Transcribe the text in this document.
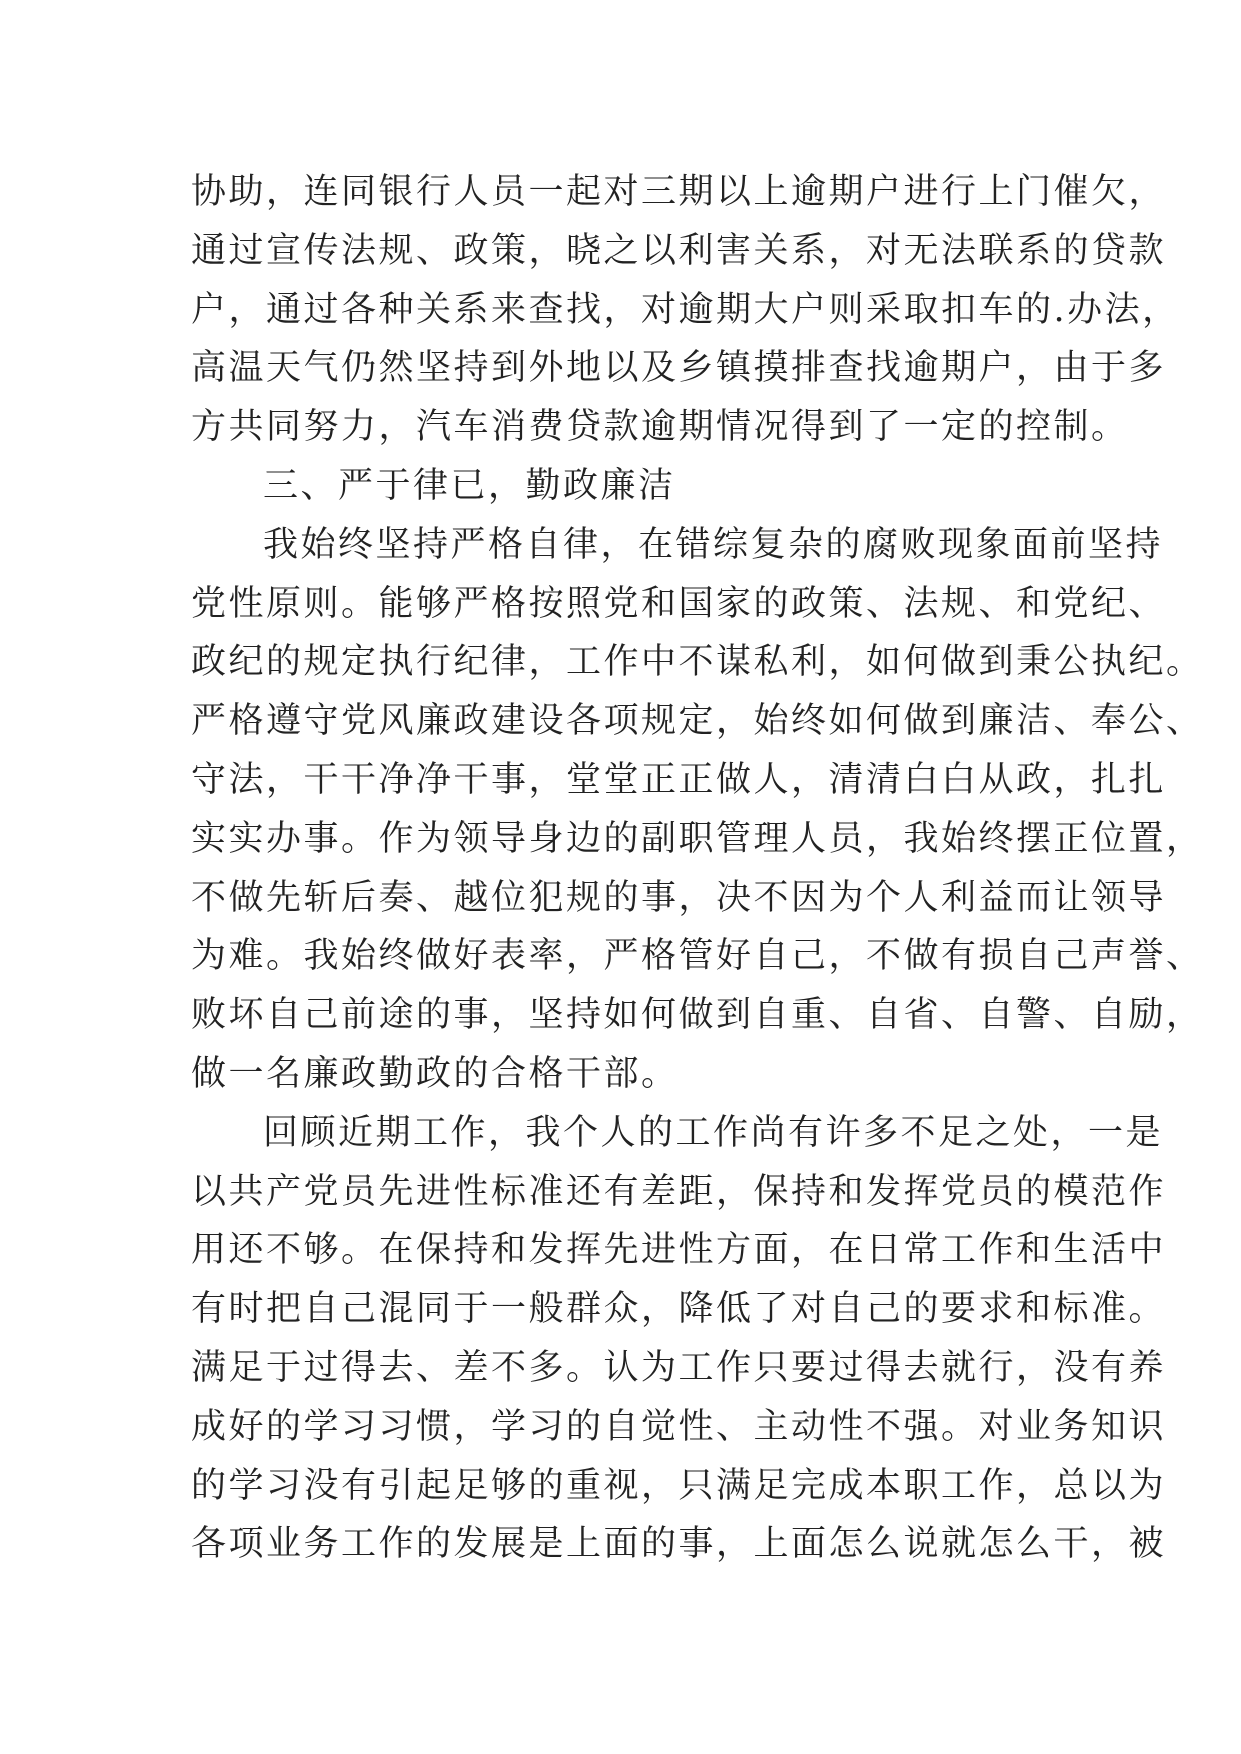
协助，连同银行人员一起对三期以上逾期户进行上门催欠，
通过宣传法规、政策，晓之以利害关系，对无法联系的贷款
户，通过各种关系来查找，对逾期大户则采取扣车的.办法，
高温天气仍然坚持到外地以及乡镇摸排查找逾期户，由于多
方共同努力，汽车消费贷款逾期情况得到了一定的控制。
三、严于律已，勤政廉洁
我始终坚持严格自律，在错综复杂的腐败现象面前坚持
党性原则。能够严格按照党和国家的政策、法规、和党纪、
政纪的规定执行纪律，工作中不谋私利，如何做到秉公执纪。
严格遵守党风廉政建设各项规定，始终如何做到廉洁、奉公、
守法，干干净净干事，堂堂正正做人，清清白白从政，扎扎
实实办事。作为领导身边的副职管理人员，我始终摆正位置，
不做先斩后奏、越位犯规的事，决不因为个人利益而让领导
为难。我始终做好表率，严格管好自己，不做有损自己声誉、
败坏自己前途的事，坚持如何做到自重、自省、自警、自励，
做一名廉政勤政的合格干部。
回顾近期工作，我个人的工作尚有许多不足之处，一是
以共产党员先进性标准还有差距，保持和发挥党员的模范作
用还不够。在保持和发挥先进性方面，在日常工作和生活中
有时把自己混同于一般群众，降低了对自己的要求和标准。
满足于过得去、差不多。认为工作只要过得去就行，没有养
成好的学习习惯，学习的自觉性、主动性不强。对业务知识
的学习没有引起足够的重视，只满足完成本职工作，总以为
各项业务工作的发展是上面的事，上面怎么说就怎么干，被
